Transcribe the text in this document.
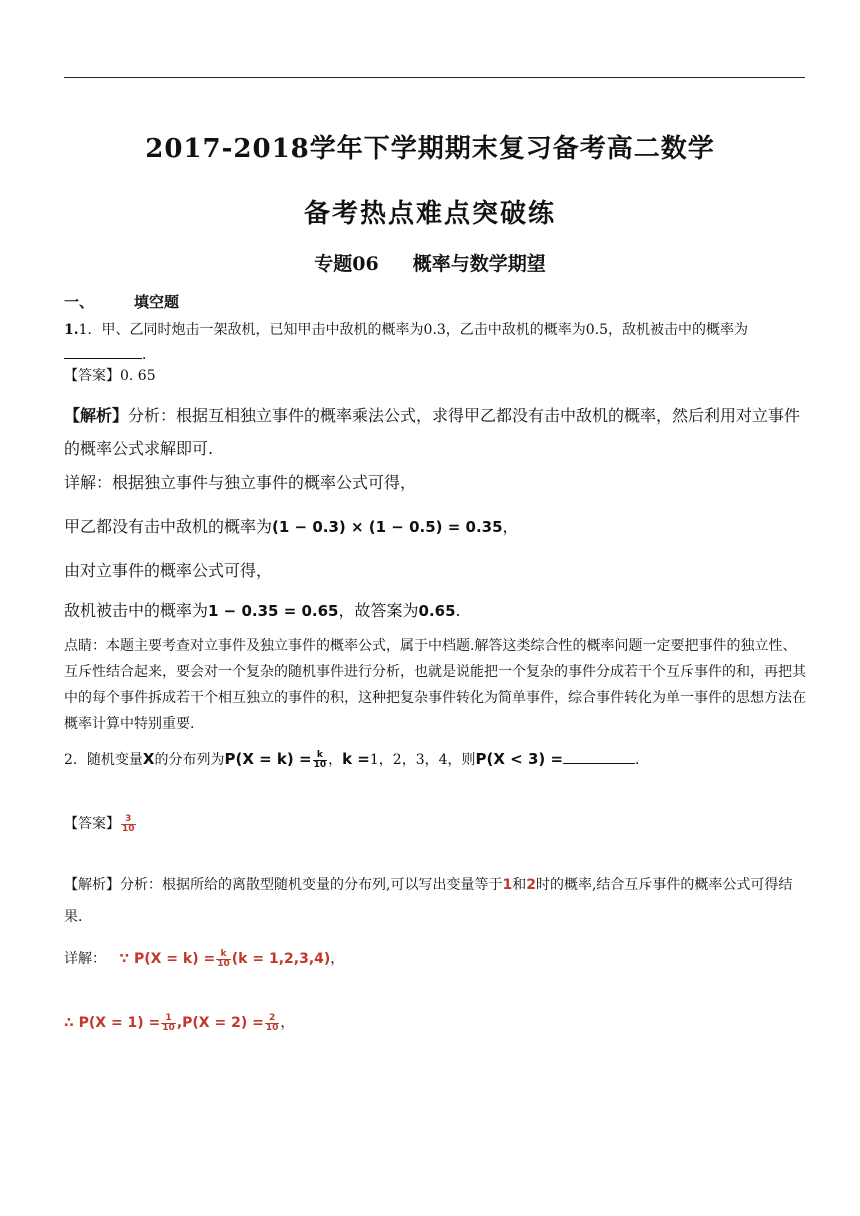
2017-2018学年下学期期末复习备考高二数学
备考热点难点突破练
专题06 概率与数学期望

一、	填空题

1.1．甲、乙同时炮击一架敌机，已知甲击中敌机的概率为0.3，乙击中敌机的概率为0.5，敌机被击中的概率为
．

【答案】0. 65

【解析】分析：根据互相独立事件的概率乘法公式，求得甲乙都没有击中敌机的概率，然后利用对立事件的概率公式求解即可.

详解：根据独立事件与独立事件的概率公式可得，

甲乙都没有击中敌机的概率为(1 − 0.3) × (1 − 0.5) = 0.35，

由对立事件的概率公式可得，

敌机被击中的概率为1 − 0.35 = 0.65，故答案为0.65.

点睛：本题主要考查对立事件及独立事件的概率公式，属于中档题.解答这类综合性的概率问题一定要把事件的独立性、互斥性结合起来，要会对一个复杂的随机事件进行分析，也就是说能把一个复杂的事件分成若干个互斥事件的和，再把其中的每个事件拆成若干个相互独立的事件的积，这种把复杂事件转化为简单事件，综合事件转化为单一事件的思想方法在概率计算中特别重要.

2．随机变量X的分布列为$P(X = k) = \frac{k}{10}$ ，k =1，2，3，4，则P(X < 3) =	．

【答案】 $\frac{3}{10}$

【解析】分析：根据所给的离散型随机变量的分布列,可以写出变量等于1和2时的概率,结合互斥事件的概率公式可得结果.

详解： ∵ $P(X = k) = \frac{k}{10} (k = 1,2,3,4)$，

∴ $P(X = 1) = \frac{1}{10} ,P(X = 2) = \frac{2}{10}$ ，
